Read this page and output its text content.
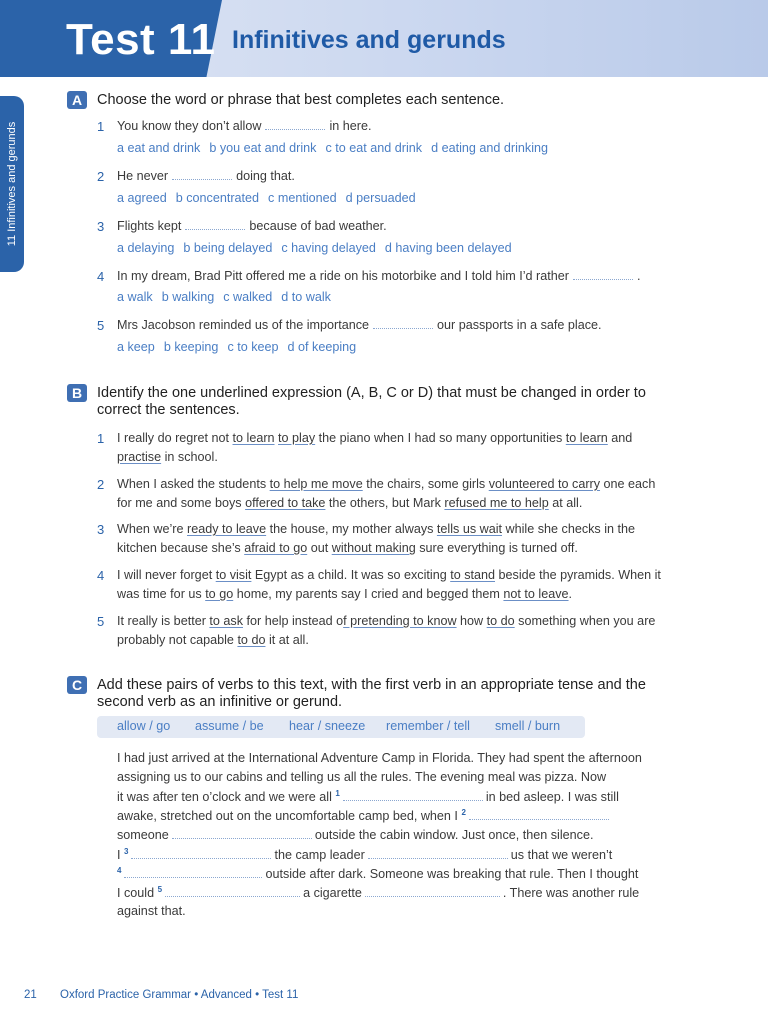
Test 11 Infinitives and gerunds
11 Infinitives and gerunds
A	Choose the word or phrase that best completes each sentence.
1 You know they don’t allow	in here.
a eat and drink b you eat and drink c to eat and drink d eating and drinking
2 He never	doing that.
a agreed b concentrated c mentioned d persuaded
3 Flights kept	because of bad weather.
a delaying b being delayed c having delayed d having been delayed
4 In my dream, Brad Pitt offered me a ride on his motorbike and I told him I’d rather	.
a walk b walking c walked d to walk
5 Mrs Jacobson reminded us of the importance	our passports in a safe place.
a keep b keeping c to keep d of keeping
B	Identify the one underlined expression (A, B, C or D) that must be changed in order to
correct the sentences.
1 I really do regret not to learn to play the piano when I had so many opportunities to learn and
practise in school.
2 When I asked the students to help me move the chairs, some girls volunteered to carry one each
for me and some boys offered to take the others, but Mark refused me to help at all.
3 When we’re ready to leave the house, my mother always tells us wait while she checks in the
kitchen because she’s afraid to go out without making sure everything is turned off.
4 I will never forget to visit Egypt as a child. It was so exciting to stand beside the pyramids. When it
was time for us to go home, my parents say I cried and begged them not to leave.
5 It really is better to ask for help instead of pretending to know how to do something when you are
probably not capable to do it at all.
C	Add these pairs of verbs to this text, with the first verb in an appropriate tense and the
second verb as an infinitive or gerund.
allow / go assume / be hear / sneeze remember / tell smell / burn
I had just arrived at the International Adventure Camp in Florida. They had spent the afternoon
assigning us to our cabins and telling us all the rules. The evening meal was pizza. Now
it was after ten o’clock and we were all $^1$	in bed asleep. I was still
awake, stretched out on the uncomfortable camp bed, when I $^2$
someone	outside the cabin window. Just once, then silence.
I $^3$	the camp leader	us that we weren’t
$^4$	outside after dark. Someone was breaking that rule. Then I thought
I could $^5$	a cigarette	. There was another rule
against that.
21 Oxford Practice Grammar • Advanced • Test 11
